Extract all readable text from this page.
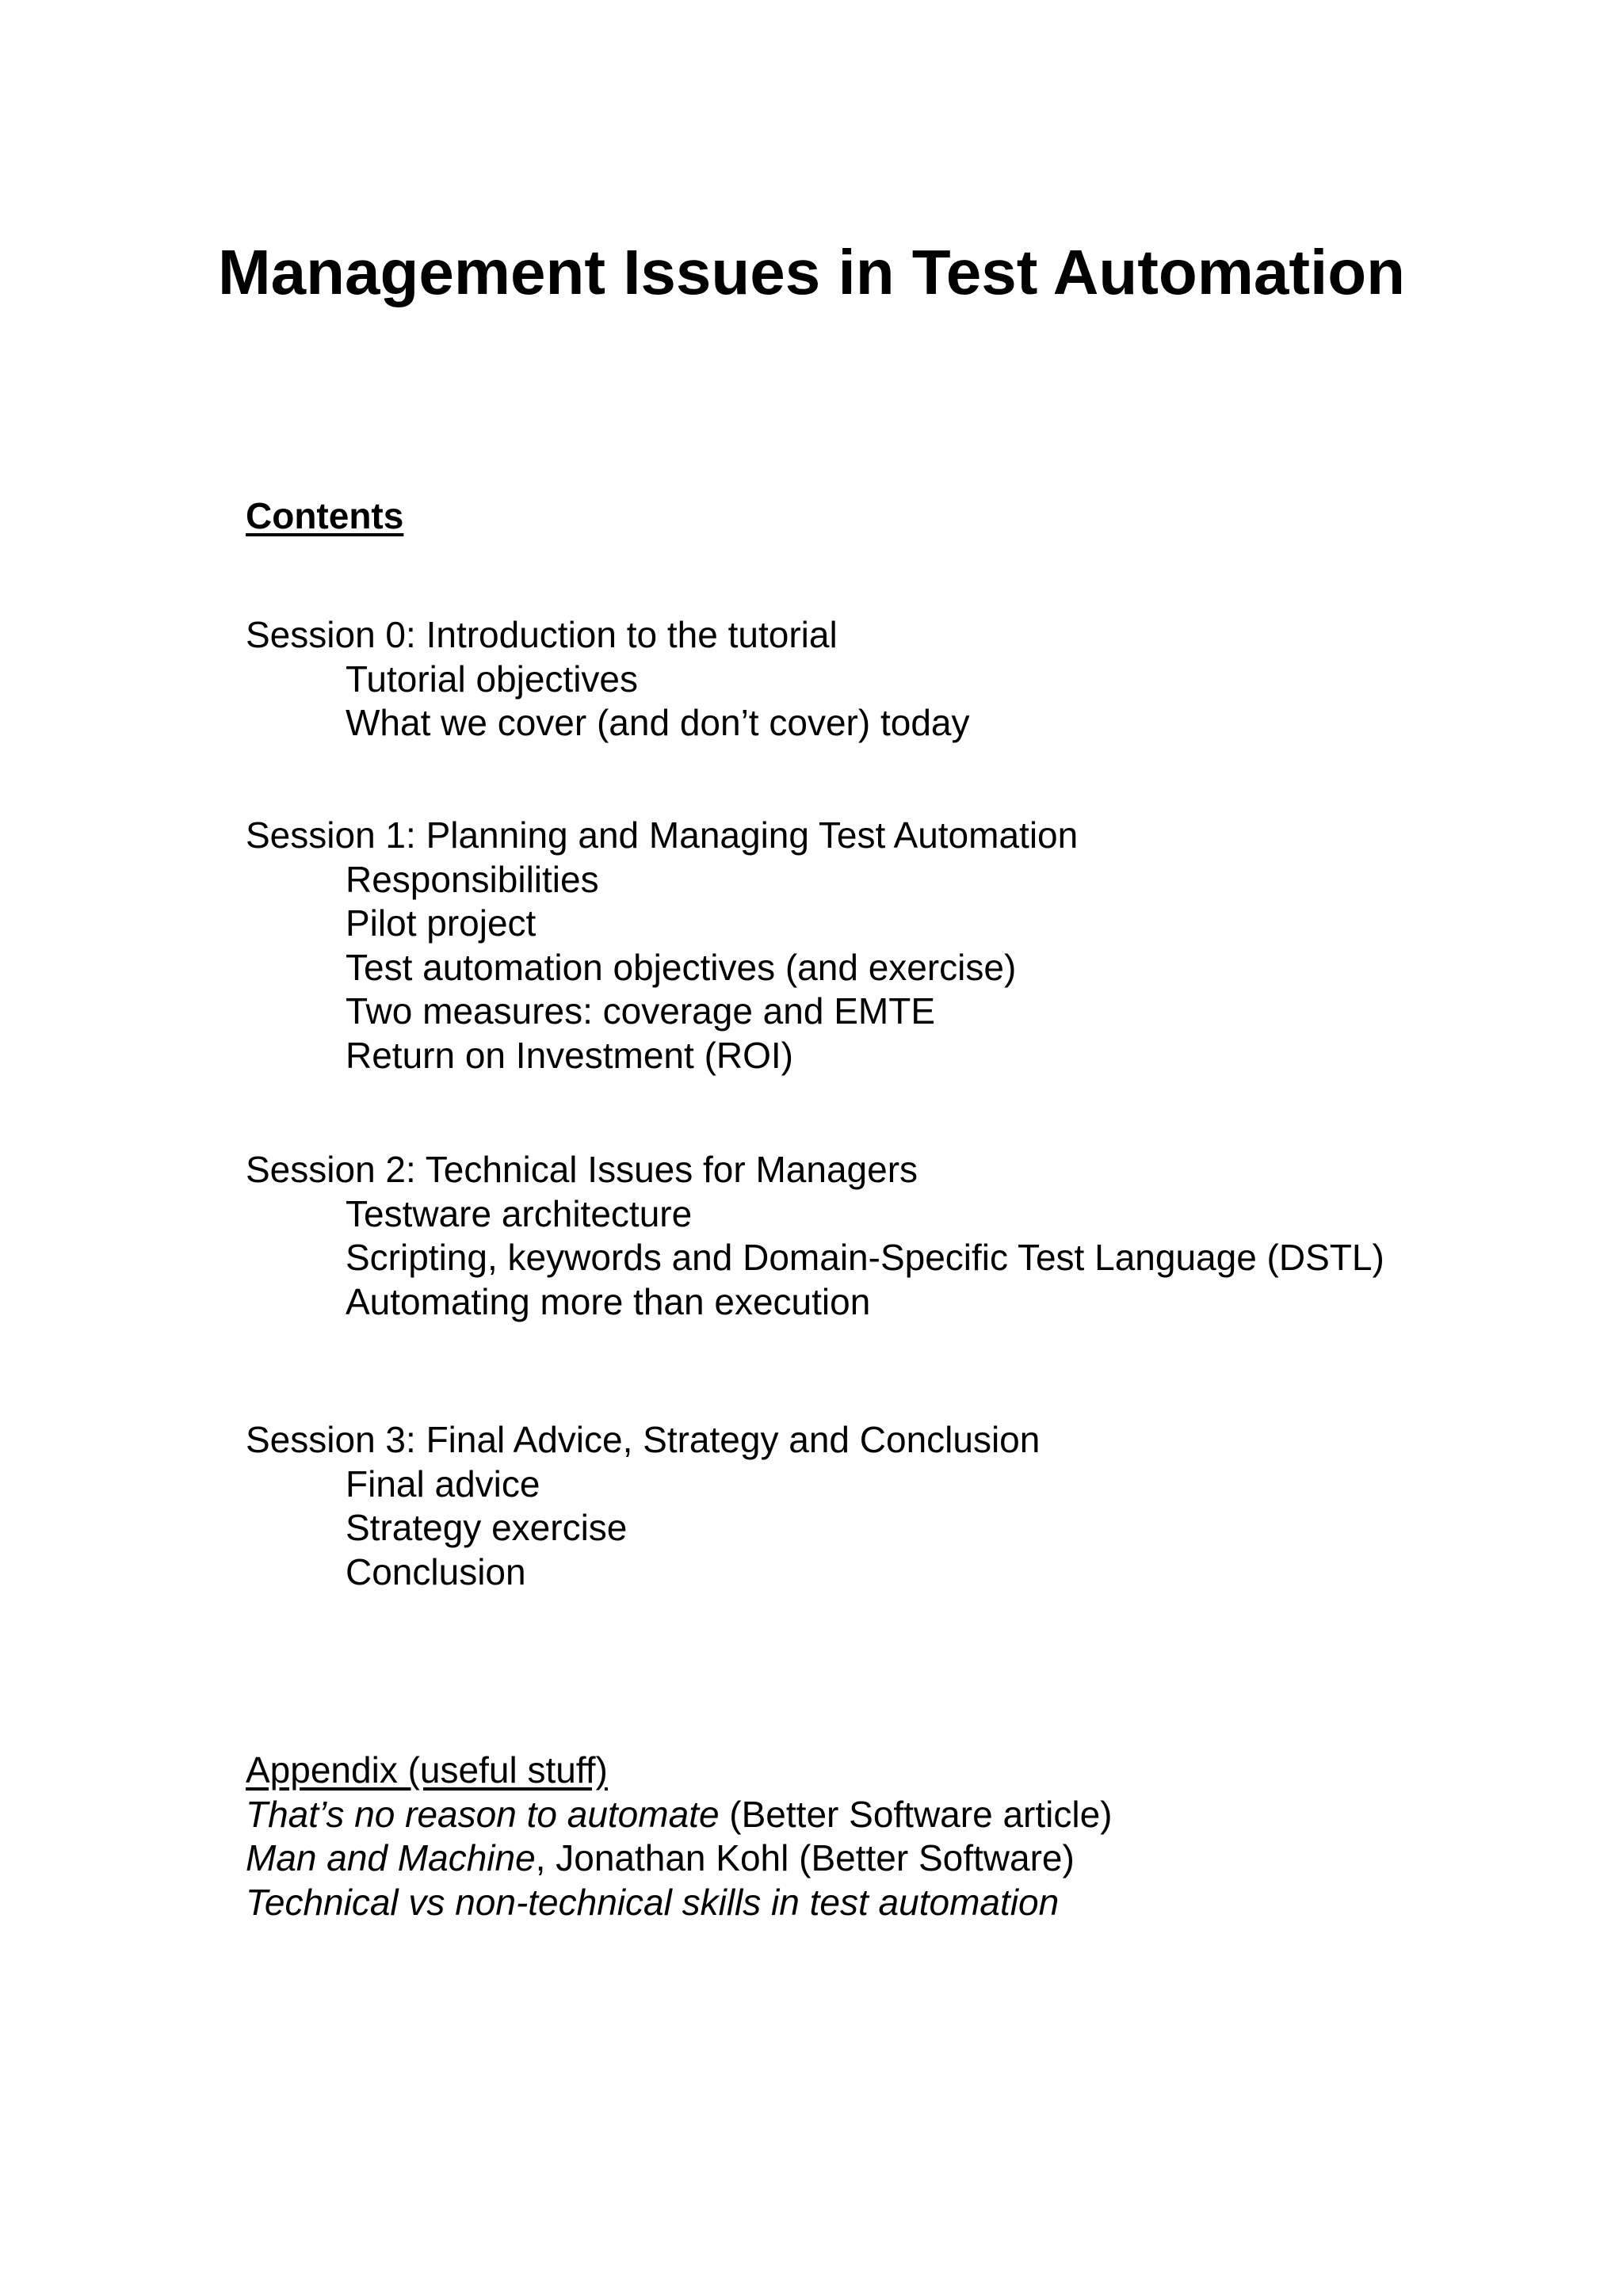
Management Issues in Test Automation
Contents

Session 0: Introduction to the tutorial

Tutorial objectives

What we cover (and don’t cover) today

Session 1: Planning and Managing Test Automation

Responsibilities

Pilot project

Test automation objectives (and exercise)

Two measures: coverage and EMTE

Return on Investment (ROI)

Session 2: Technical Issues for Managers

Testware architecture

Scripting, keywords and Domain-Specific Test Language (DSTL)

Automating more than execution

Session 3: Final Advice, Strategy and Conclusion

Final advice

Strategy exercise

Conclusion

Appendix (useful stuff)

That’s no reason to automate (Better Software article)

Man and Machine, Jonathan Kohl (Better Software)

Technical vs non-technical skills in test automation
